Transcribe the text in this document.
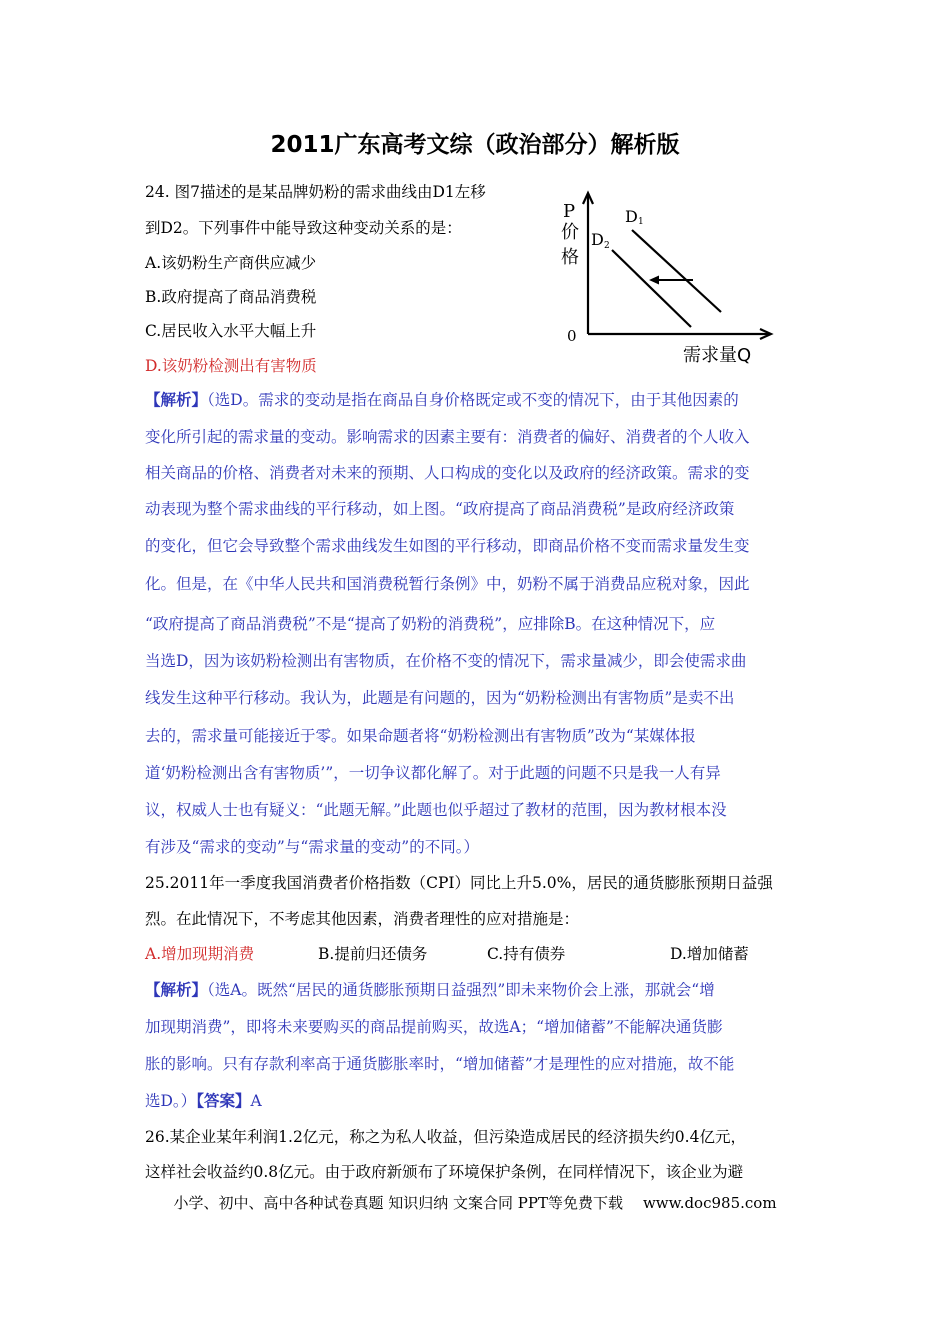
2011广东高考文综（政治部分）解析版
24. 图7描述的是某品牌奶粉的需求曲线由D1左移
到D2。下列事件中能导致这种变动关系的是：
A.该奶粉生产商供应减少
B.政府提高了商品消费税
C.居民收入水平大幅上升
D.该奶粉检测出有害物质
P
价
格
0
需求量Q
D 1
D 2
【解析】（选D。需求的变动是指在商品自身价格既定或不变的情况下，由于其他因素的
变化所引起的需求量的变动。影响需求的因素主要有：消费者的偏好、消费者的个人收入
相关商品的价格、消费者对未来的预期、人口构成的变化以及政府的经济政策。需求的变
动表现为整个需求曲线的平行移动，如上图。“政府提高了商品消费税”是政府经济政策
的变化，但它会导致整个需求曲线发生如图的平行移动，即商品价格不变而需求量发生变
化。但是，在《中华人民共和国消费税暂行条例》中，奶粉不属于消费品应税对象，因此
“政府提高了商品消费税”不是“提高了奶粉的消费税”，应排除B。在这种情况下，应
当选D，因为该奶粉检测出有害物质，在价格不变的情况下，需求量减少，即会使需求曲
线发生这种平行移动。我认为，此题是有问题的，因为“奶粉检测出有害物质”是卖不出
去的，需求量可能接近于零。如果命题者将“奶粉检测出有害物质”改为“某媒体报
道‘奶粉检测出含有害物质’”，一切争议都化解了。对于此题的问题不只是我一人有异
议，权威人士也有疑义：“此题无解。”此题也似乎超过了教材的范围，因为教材根本没
有涉及“需求的变动”与“需求量的变动”的不同。）
25.2011年一季度我国消费者价格指数（CPI）同比上升5.0%，居民的通货膨胀预期日益强
烈。在此情况下，不考虑其他因素，消费者理性的应对措施是：
A.增加现期消费	B.提前归还债务	C.持有债券	D.增加储蓄
【解析】（选A。既然“居民的通货膨胀预期日益强烈”即未来物价会上涨，那就会“增
加现期消费”，即将未来要购买的商品提前购买，故选A；“增加储蓄”不能解决通货膨
胀的影响。只有存款利率高于通货膨胀率时，“增加储蓄”才是理性的应对措施，故不能
选D。）【答案】A
26.某企业某年利润1.2亿元，称之为私人收益，但污染造成居民的经济损失约0.4亿元，
这样社会收益约0.8亿元。由于政府新颁布了环境保护条例，在同样情况下，该企业为避
小学、初中、高中各种试卷真题 知识归纳 文案合同 PPT等免费下载 www.doc985.com
